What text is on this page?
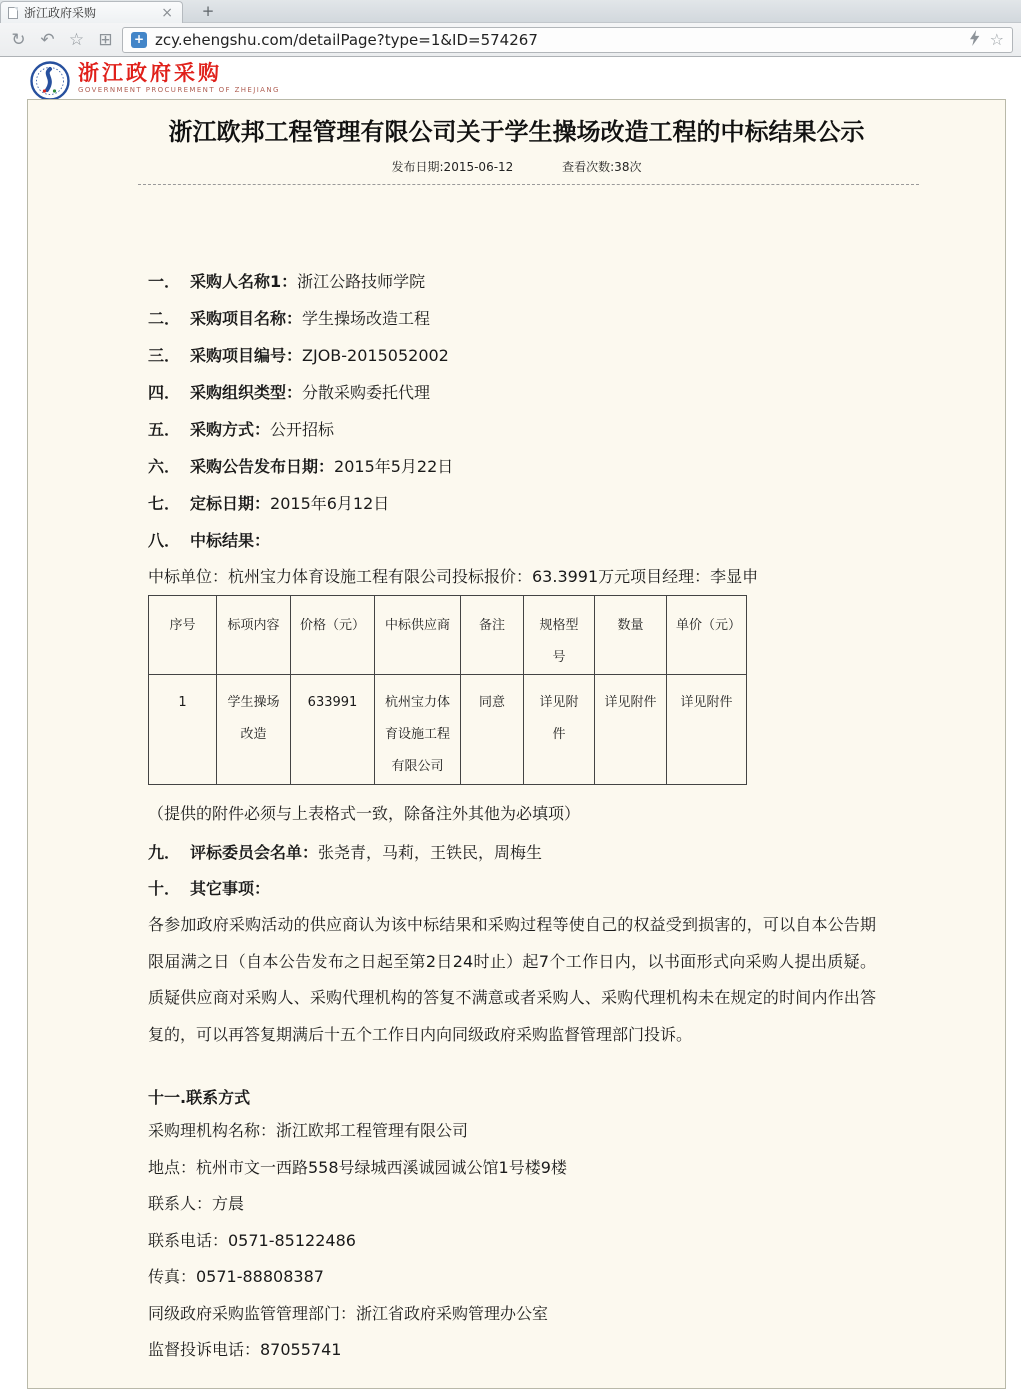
浙江政府采购	×	+
↻ ↶ ☆ ⊞	+ zcy.ehengshu.com/detailPage?type=1&ID=574267	☆
浙江政府采购
GOVERNMENT PROCUREMENT OF ZHEJIANG
浙江欧邦工程管理有限公司关于学生操场改造工程的中标结果公示
发布日期:2015-06-12	查看次数:38次
一． 采购人名称1：浙江公路技师学院
二． 采购项目名称：学生操场改造工程
三． 采购项目编号：ZJOB-2015052002
四． 采购组织类型：分散采购委托代理
五． 采购方式：公开招标
六． 采购公告发布日期：2015年5月22日
七． 定标日期：2015年6月12日
八． 中标结果：
中标单位：杭州宝力体育设施工程有限公司投标报价：63.3991万元项目经理：李显申
序号	标项内容	价格（元）	中标供应商	备注	规格型号	数量	单价（元）
1	学生操场改造	633991	杭州宝力体育设施工程有限公司	同意	详见附件	详见附件	详见附件
（提供的附件必须与上表格式一致，除备注外其他为必填项）
九． 评标委员会名单：张尧青，马莉，王铁民，周梅生
十． 其它事项：
各参加政府采购活动的供应商认为该中标结果和采购过程等使自己的权益受到损害的，可以自本公告期限届满之日（自本公告发布之日起至第2日24时止）起7个工作日内，以书面形式向采购人提出质疑。质疑供应商对采购人、采购代理机构的答复不满意或者采购人、采购代理机构未在规定的时间内作出答复的，可以再答复期满后十五个工作日内向同级政府采购监督管理部门投诉。
十一.联系方式
采购理机构名称：浙江欧邦工程管理有限公司
地点：杭州市文一西路558号绿城西溪诚园诚公馆1号楼9楼
联系人：方晨
联系电话：0571-85122486
传真：0571-88808387
同级政府采购监管管理部门：浙江省政府采购管理办公室
监督投诉电话：87055741
